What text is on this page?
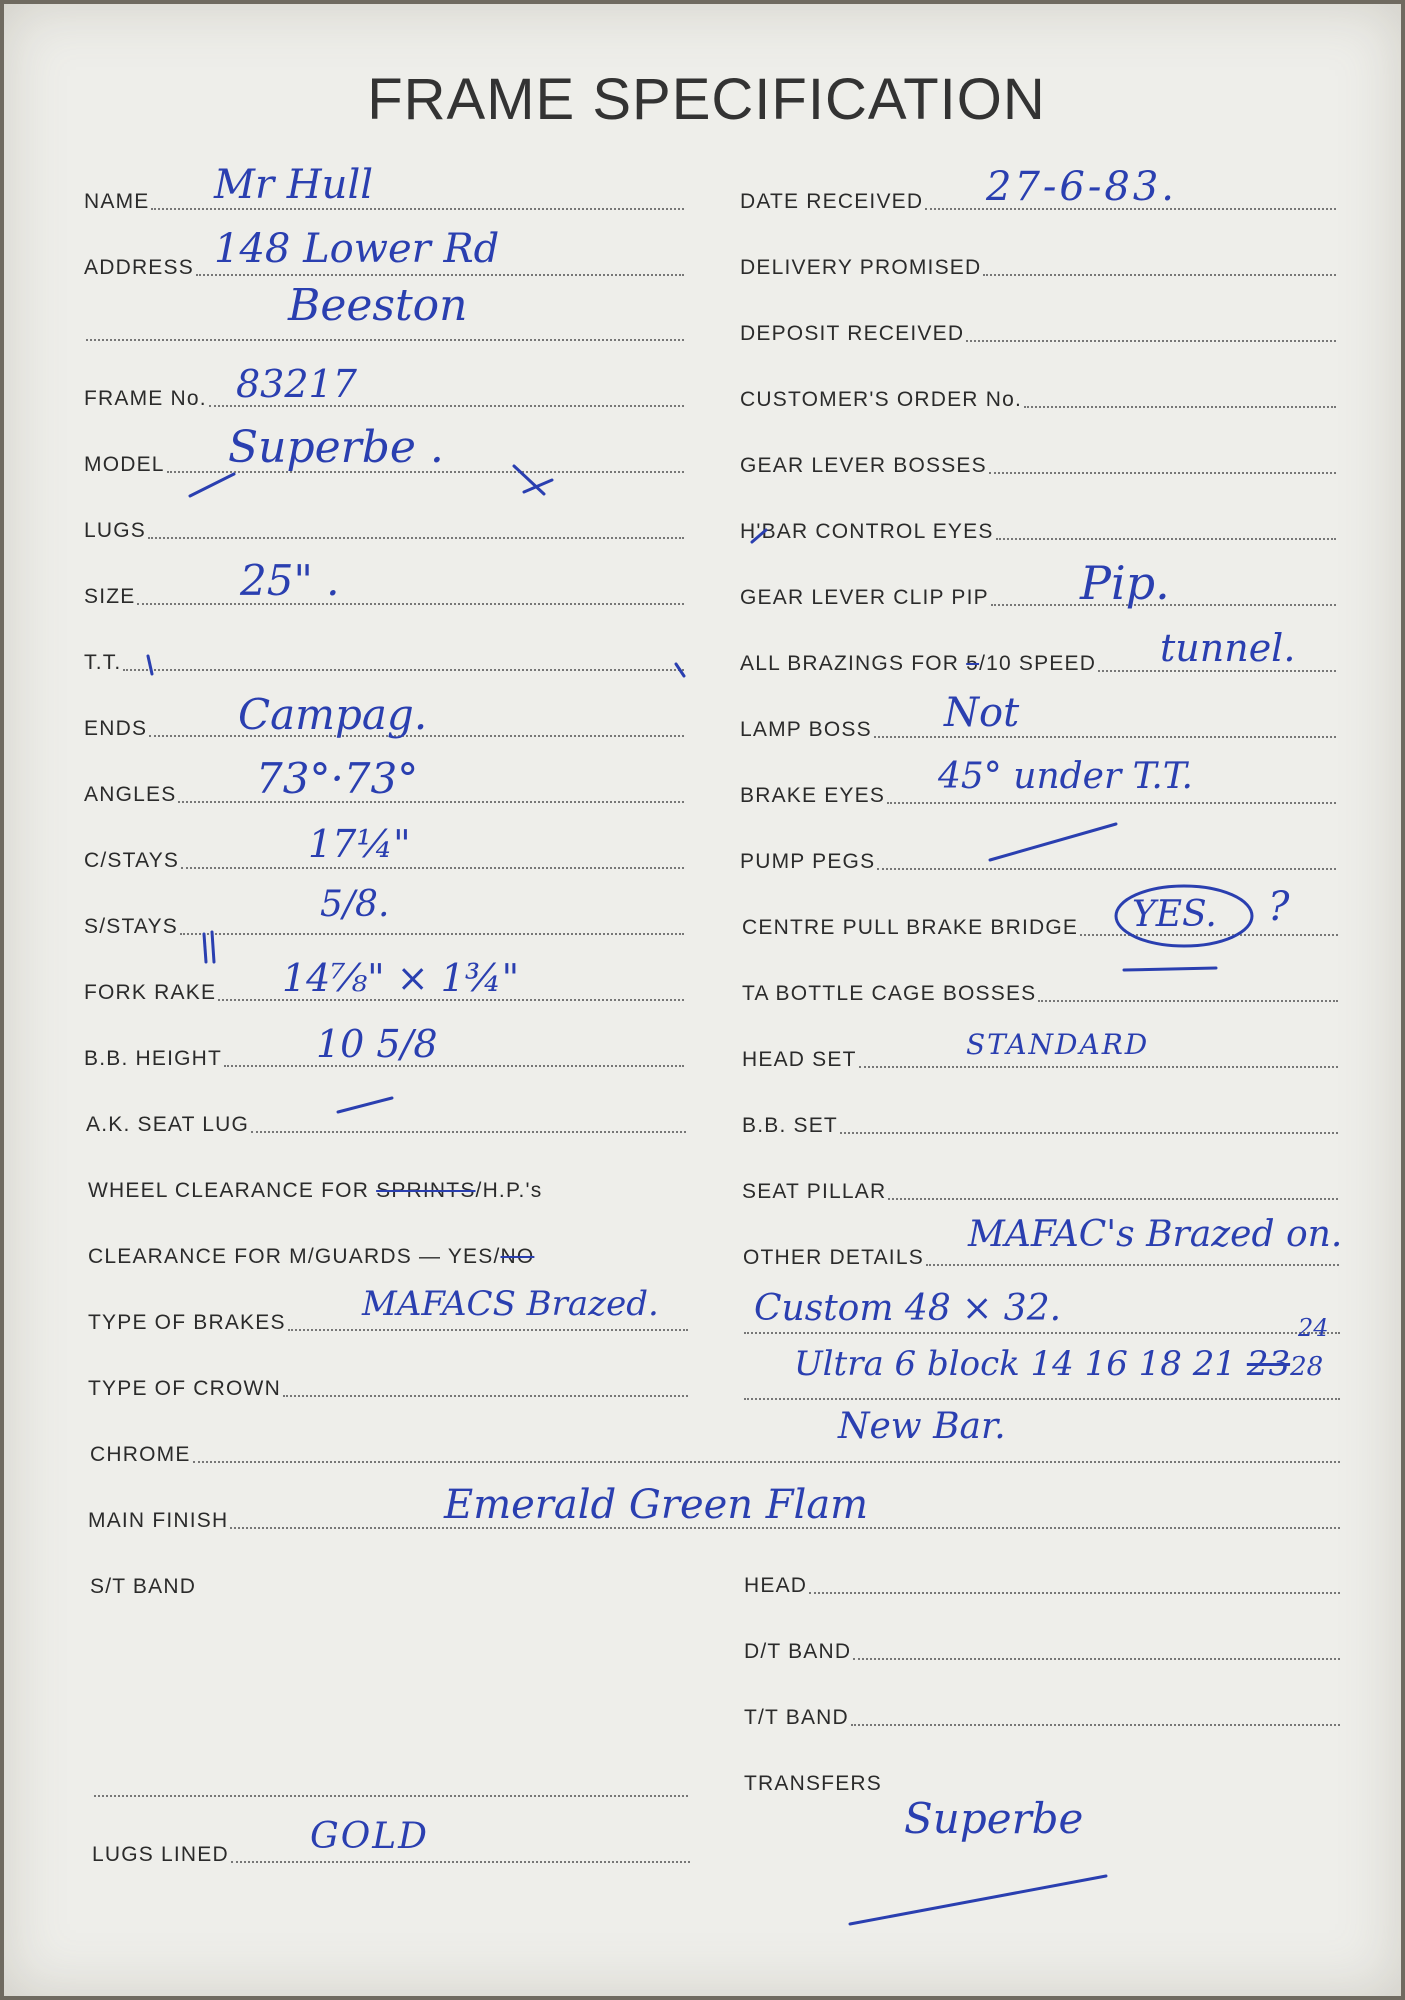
FRAME SPECIFICATION
NAME
ADDRESS
FRAME No.
MODEL
LUGS
SIZE
T.T.
ENDS
ANGLES
C/STAYS
S/STAYS
FORK RAKE
B.B. HEIGHT
A.K. SEAT LUG
WHEEL CLEARANCE FOR SPRINTS/H.P.'s
CLEARANCE FOR M/GUARDS — YES/NO
TYPE OF BRAKES
TYPE OF CROWN
CHROME
MAIN FINISH
S/T BAND
LUGS LINED
DATE RECEIVED
DELIVERY PROMISED
DEPOSIT RECEIVED
CUSTOMER'S ORDER No.
GEAR LEVER BOSSES
H'BAR CONTROL EYES
GEAR LEVER CLIP PIP
ALL BRAZINGS FOR 5/10 SPEED
LAMP BOSS
BRAKE EYES
PUMP PEGS
CENTRE PULL BRAKE BRIDGE
TA BOTTLE CAGE BOSSES
HEAD SET
B.B. SET
SEAT PILLAR
OTHER DETAILS
HEAD
D/T BAND
T/T BAND
TRANSFERS
Mr Hull
148 Lower Rd
Beeston
83217
Superbe .
25" .
Campag.
73°·73°
17¼"
5/8.
14⅞" × 1¾"
10 5/8
MAFACS Brazed.
Emerald Green Flam
GOLD
27-6-83.
Pip.
tunnel.
Not
45° under T.T.
YES. ?
STANDARD
MAFAC's Brazed on.
Custom 48 × 32.
Ultra 6 block 14 16 18 21 2328
24
New Bar.
Superbe
